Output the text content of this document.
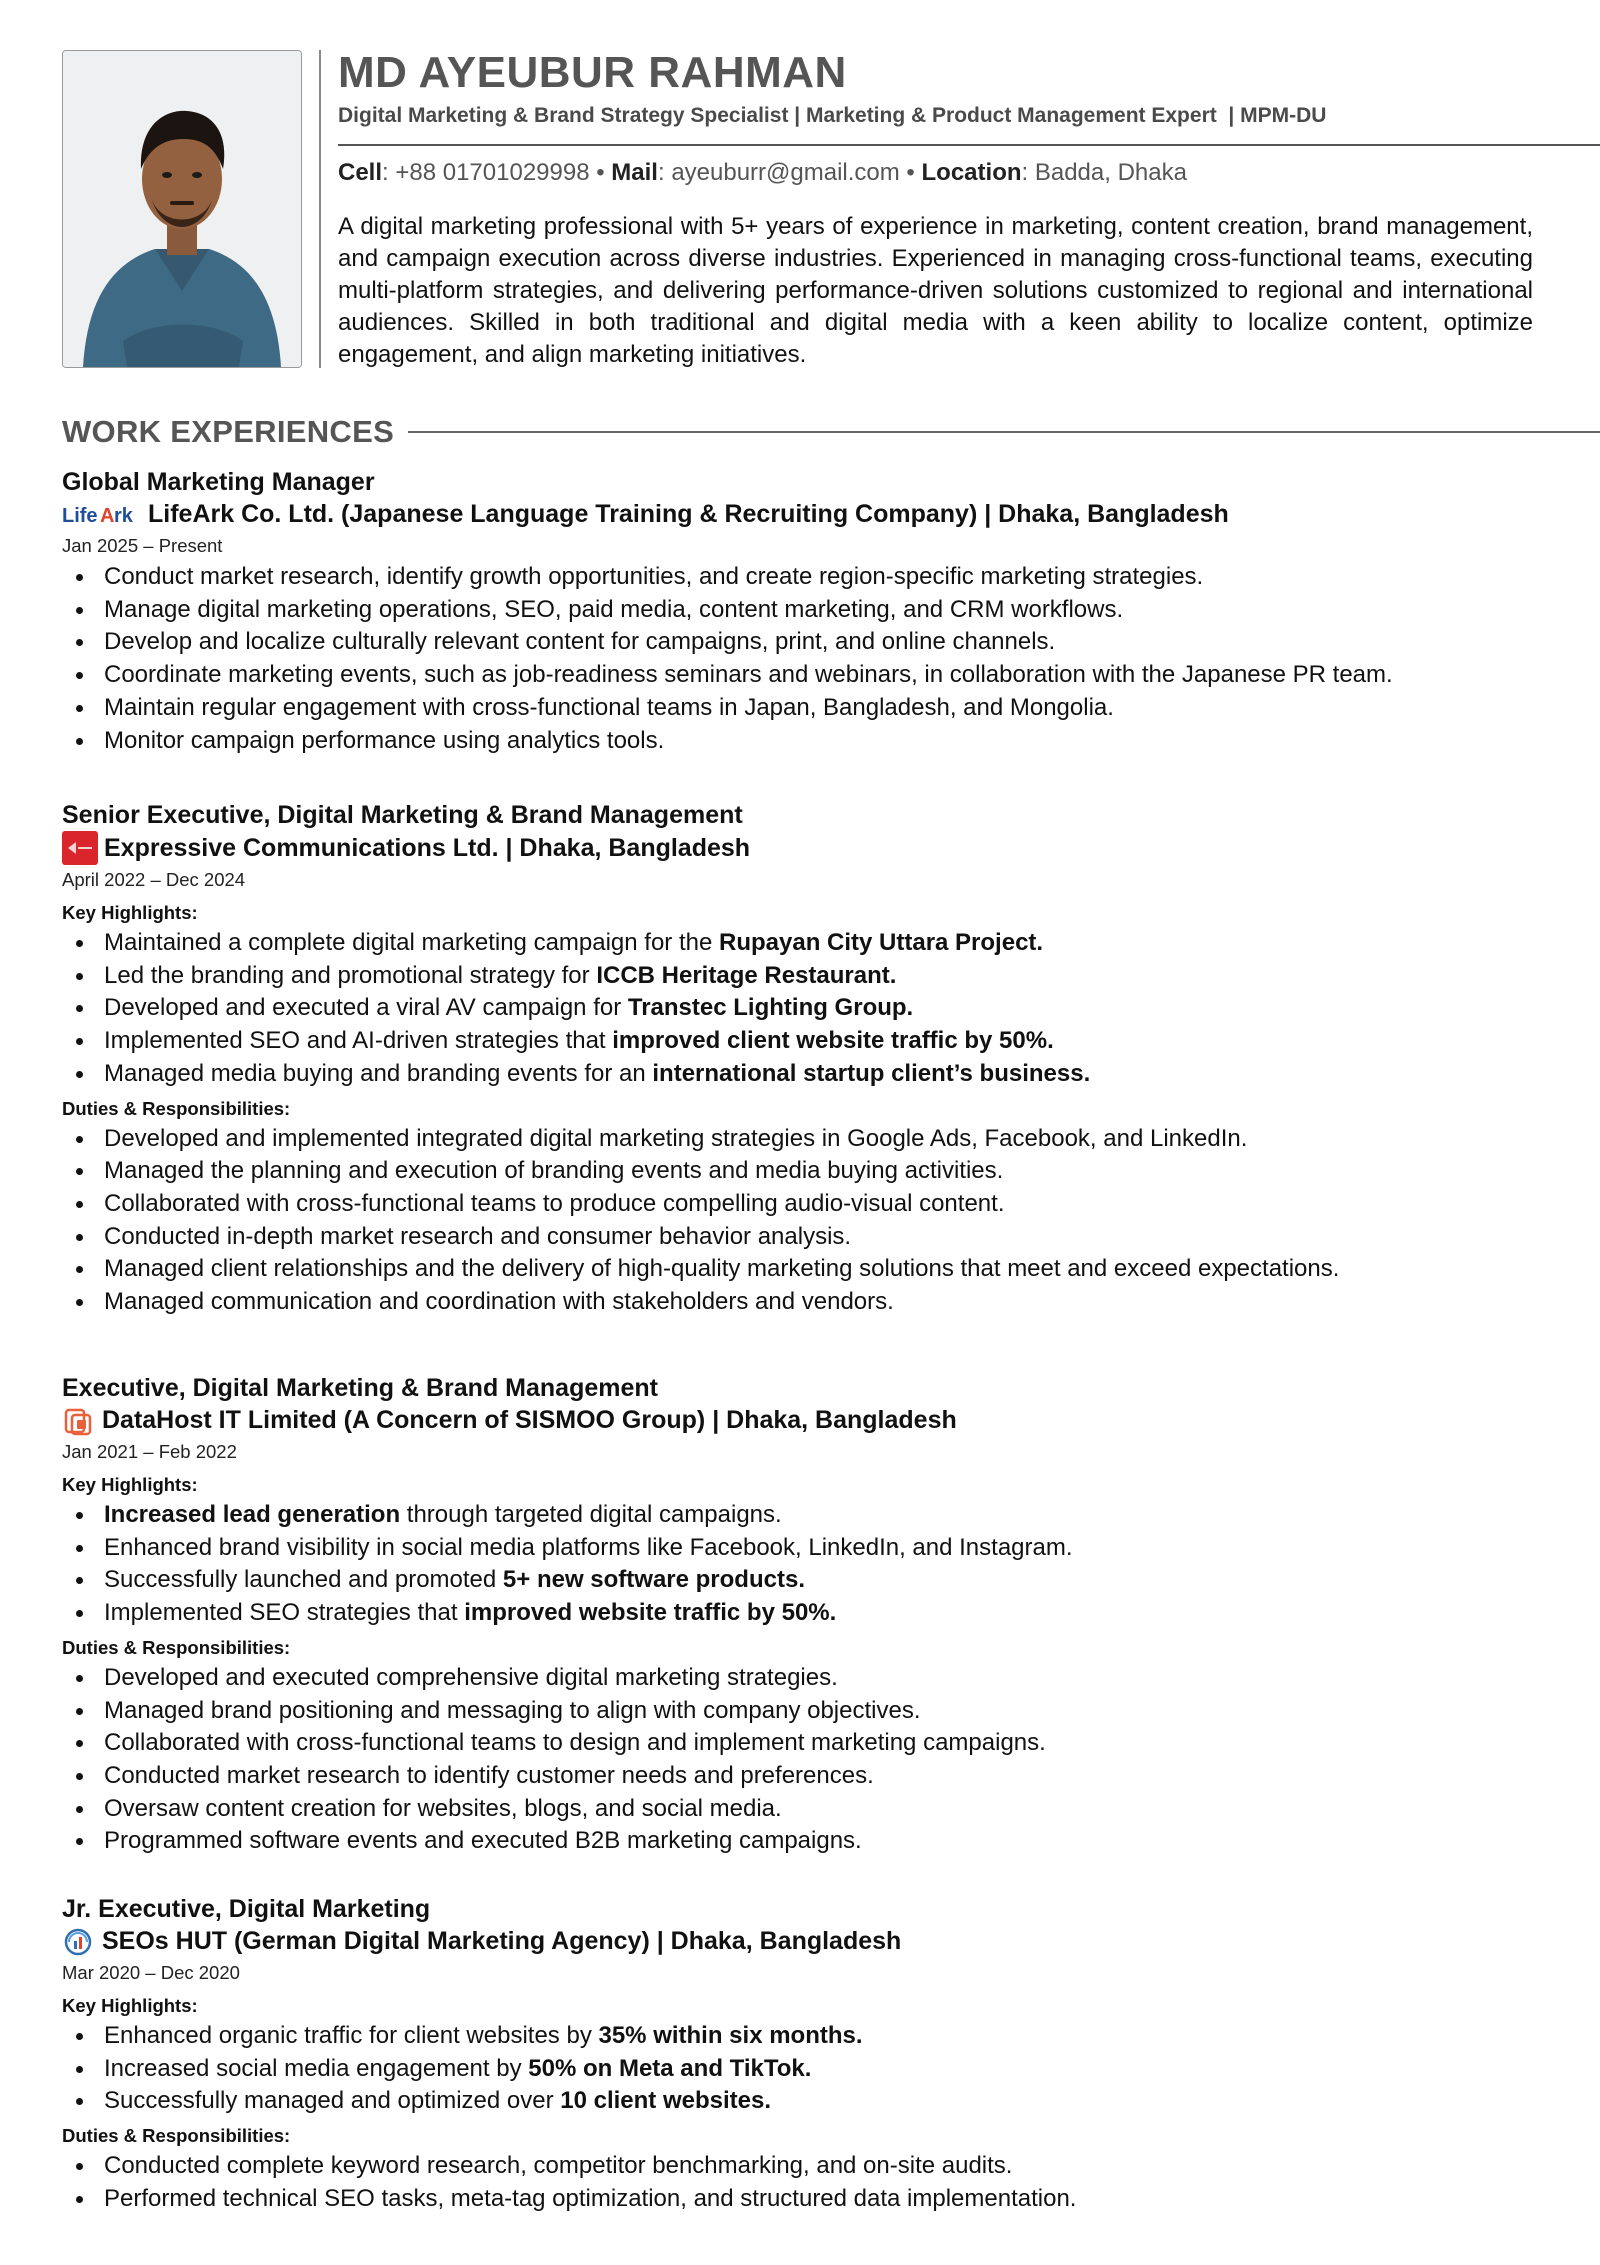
MD AYEUBUR RAHMAN

Digital Marketing & Brand Strategy Specialist | Marketing & Product Management Expert  | MPM-DU

Cell: +88 01701029998 • Mail: ayeuburr@gmail.com • Location: Badda, Dhaka

A digital marketing professional with 5+ years of experience in marketing, content creation, brand management, and campaign execution across diverse industries. Experienced in managing cross-functional teams, executing multi-platform strategies, and delivering performance-driven solutions customized to regional and international audiences. Skilled in both traditional and digital media with a keen ability to localize content, optimize engagement, and align marketing initiatives.

WORK EXPERIENCES
Global Marketing Manager
Life A rk LifeArk Co. Ltd. (Japanese Language Training & Recruiting Company) | Dhaka, Bangladesh
Jan 2025 – Present
Conduct market research, identify growth opportunities, and create region-specific marketing strategies.
Manage digital marketing operations, SEO, paid media, content marketing, and CRM workflows.
Develop and localize culturally relevant content for campaigns, print, and online channels.
Coordinate marketing events, such as job-readiness seminars and webinars, in collaboration with the Japanese PR team.
Maintain regular engagement with cross-functional teams in Japan, Bangladesh, and Mongolia.
Monitor campaign performance using analytics tools.
Senior Executive, Digital Marketing & Brand Management
Expressive Communications Ltd. | Dhaka, Bangladesh
April 2022 – Dec 2024
Key Highlights:
Maintained a complete digital marketing campaign for the Rupayan City Uttara Project.
Led the branding and promotional strategy for ICCB Heritage Restaurant.
Developed and executed a viral AV campaign for Transtec Lighting Group.
Implemented SEO and AI-driven strategies that improved client website traffic by 50%.
Managed media buying and branding events for an international startup client’s business.
Duties & Responsibilities:
Developed and implemented integrated digital marketing strategies in Google Ads, Facebook, and LinkedIn.
Managed the planning and execution of branding events and media buying activities.
Collaborated with cross-functional teams to produce compelling audio-visual content.
Conducted in-depth market research and consumer behavior analysis.
Managed client relationships and the delivery of high-quality marketing solutions that meet and exceed expectations.
Managed communication and coordination with stakeholders and vendors.
Executive, Digital Marketing & Brand Management
DataHost IT Limited (A Concern of SISMOO Group) | Dhaka, Bangladesh
Jan 2021 – Feb 2022
Key Highlights:
Increased lead generation through targeted digital campaigns.
Enhanced brand visibility in social media platforms like Facebook, LinkedIn, and Instagram.
Successfully launched and promoted 5+ new software products.
Implemented SEO strategies that improved website traffic by 50%.
Duties & Responsibilities:
Developed and executed comprehensive digital marketing strategies.
Managed brand positioning and messaging to align with company objectives.
Collaborated with cross-functional teams to design and implement marketing campaigns.
Conducted market research to identify customer needs and preferences.
Oversaw content creation for websites, blogs, and social media.
Programmed software events and executed B2B marketing campaigns.
Jr. Executive, Digital Marketing
SEOs HUT (German Digital Marketing Agency) | Dhaka, Bangladesh
Mar 2020 – Dec 2020
Key Highlights:
Enhanced organic traffic for client websites by 35% within six months.
Increased social media engagement by 50% on Meta and TikTok.
Successfully managed and optimized over 10 client websites.
Duties & Responsibilities:
Conducted complete keyword research, competitor benchmarking, and on-site audits.
Performed technical SEO tasks, meta-tag optimization, and structured data implementation.
